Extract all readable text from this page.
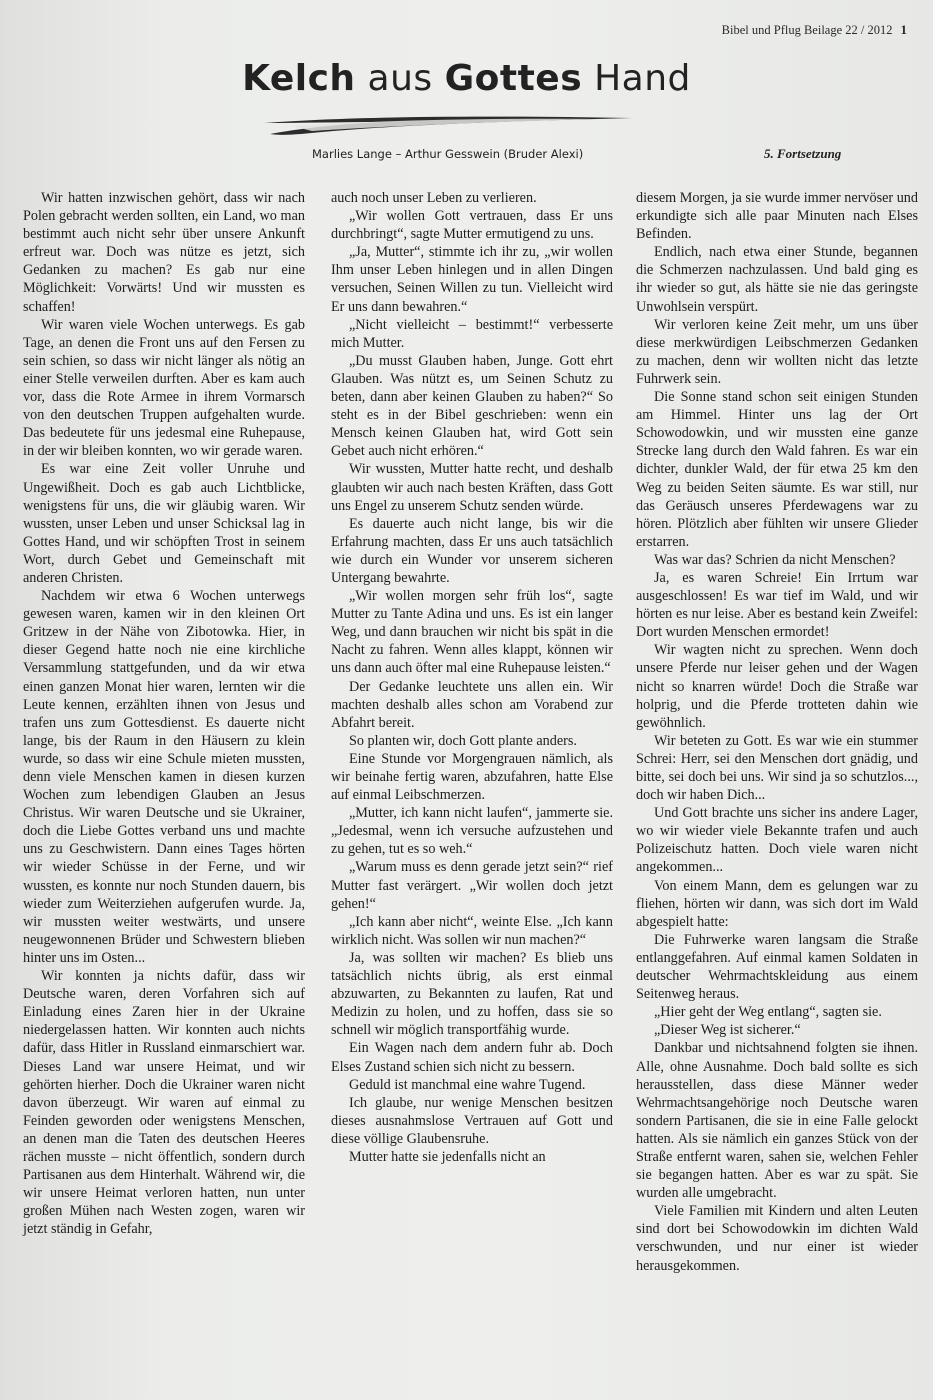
Bibel und Pflug Beilage 22 / 2012 1
Kelch aus Gottes Hand
Marlies Lange – Arthur Gesswein (Bruder Alexi)	5. Fortsetzung

Wir hatten inzwischen gehört, dass wir nach Polen gebracht werden sollten, ein Land, wo man bestimmt auch nicht sehr über unsere Ankunft erfreut war. Doch was nütze es jetzt, sich Gedanken zu machen? Es gab nur eine Möglichkeit: Vorwärts! Und wir mussten es schaffen!

Wir waren viele Wochen unterwegs. Es gab Tage, an denen die Front uns auf den Fersen zu sein schien, so dass wir nicht länger als nötig an einer Stelle verweilen durften. Aber es kam auch vor, dass die Rote Armee in ihrem Vormarsch von den deutschen Truppen aufgehalten wurde. Das bedeutete für uns jedesmal eine Ruhepause, in der wir bleiben konnten, wo wir gerade waren.

Es war eine Zeit voller Unruhe und Ungewißheit. Doch es gab auch Lichtblicke, wenigstens für uns, die wir gläubig waren. Wir wussten, unser Leben und unser Schicksal lag in Gottes Hand, und wir schöpften Trost in seinem Wort, durch Gebet und Gemeinschaft mit anderen Christen.

Nachdem wir etwa 6 Wochen unterwegs gewesen waren, kamen wir in den kleinen Ort Gritzew in der Nähe von Zibotowka. Hier, in dieser Gegend hatte noch nie eine kirchliche Versammlung stattgefunden, und da wir etwa einen ganzen Monat hier waren, lernten wir die Leute kennen, erzählten ihnen von Jesus und trafen uns zum Gottesdienst. Es dauerte nicht lange, bis der Raum in den Häusern zu klein wurde, so dass wir eine Schule mieten mussten, denn viele Menschen kamen in diesen kurzen Wochen zum lebendigen Glauben an Jesus Christus. Wir waren Deutsche und sie Ukrainer, doch die Liebe Gottes verband uns und machte uns zu Geschwistern. Dann eines Tages hörten wir wieder Schüsse in der Ferne, und wir wussten, es konnte nur noch Stunden dauern, bis wieder zum Weiterziehen aufgerufen wurde. Ja, wir mussten weiter westwärts, und unsere neugewonnenen Brüder und Schwestern blieben hinter uns im Osten...

Wir konnten ja nichts dafür, dass wir Deutsche waren, deren Vorfahren sich auf Einladung eines Zaren hier in der Ukraine niedergelassen hatten. Wir konnten auch nichts dafür, dass Hitler in Russland einmarschiert war. Dieses Land war unsere Heimat, und wir gehörten hierher. Doch die Ukrainer waren nicht davon überzeugt. Wir waren auf einmal zu Feinden geworden oder wenigstens Menschen, an denen man die Taten des deutschen Heeres rächen musste – nicht öffentlich, sondern durch Partisanen aus dem Hinterhalt. Während wir, die wir unsere Heimat verloren hatten, nun unter großen Mühen nach Westen zogen, waren wir jetzt ständig in Gefahr,

auch noch unser Leben zu verlieren.

„Wir wollen Gott vertrauen, dass Er uns durchbringt“, sagte Mutter ermutigend zu uns.

„Ja, Mutter“, stimmte ich ihr zu, „wir wollen Ihm unser Leben hinlegen und in allen Dingen versuchen, Seinen Willen zu tun. Vielleicht wird Er uns dann bewahren.“

„Nicht vielleicht – bestimmt!“ verbesserte mich Mutter.

„Du musst Glauben haben, Junge. Gott ehrt Glauben. Was nützt es, um Seinen Schutz zu beten, dann aber keinen Glauben zu haben?“ So steht es in der Bibel geschrieben: wenn ein Mensch keinen Glauben hat, wird Gott sein Gebet auch nicht erhören.“

Wir wussten, Mutter hatte recht, und deshalb glaubten wir auch nach besten Kräften, dass Gott uns Engel zu unserem Schutz senden würde.

Es dauerte auch nicht lange, bis wir die Erfahrung machten, dass Er uns auch tatsächlich wie durch ein Wunder vor unserem sicheren Untergang bewahrte.

„Wir wollen morgen sehr früh los“, sagte Mutter zu Tante Adina und uns. Es ist ein langer Weg, und dann brauchen wir nicht bis spät in die Nacht zu fahren. Wenn alles klappt, können wir uns dann auch öfter mal eine Ruhepause leisten.“

Der Gedanke leuchtete uns allen ein. Wir machten deshalb alles schon am Vorabend zur Abfahrt bereit.

So planten wir, doch Gott plante anders.

Eine Stunde vor Morgengrauen nämlich, als wir beinahe fertig waren, abzufahren, hatte Else auf einmal Leibschmerzen.

„Mutter, ich kann nicht laufen“, jammerte sie. „Jedesmal, wenn ich versuche aufzustehen und zu gehen, tut es so weh.“

„Warum muss es denn gerade jetzt sein?“ rief Mutter fast verärgert. „Wir wollen doch jetzt gehen!“

„Ich kann aber nicht“, weinte Else. „Ich kann wirklich nicht. Was sollen wir nun machen?“

Ja, was sollten wir machen? Es blieb uns tatsächlich nichts übrig, als erst einmal abzuwarten, zu Bekannten zu laufen, Rat und Medizin zu holen, und zu hoffen, dass sie so schnell wir möglich transportfähig wurde.

Ein Wagen nach dem andern fuhr ab. Doch Elses Zustand schien sich nicht zu bessern.

Geduld ist manchmal eine wahre Tugend.

Ich glaube, nur wenige Menschen besitzen dieses ausnahmslose Vertrauen auf Gott und diese völlige Glaubensruhe.

Mutter hatte sie jedenfalls nicht an

diesem Morgen, ja sie wurde immer nervöser und erkundigte sich alle paar Minuten nach Elses Befinden.

Endlich, nach etwa einer Stunde, begannen die Schmerzen nachzulassen. Und bald ging es ihr wieder so gut, als hätte sie nie das geringste Unwohlsein verspürt.

Wir verloren keine Zeit mehr, um uns über diese merkwürdigen Leibschmerzen Gedanken zu machen, denn wir wollten nicht das letzte Fuhrwerk sein.

Die Sonne stand schon seit einigen Stunden am Himmel. Hinter uns lag der Ort Schowodowkin, und wir mussten eine ganze Strecke lang durch den Wald fahren. Es war ein dichter, dunkler Wald, der für etwa 25 km den Weg zu beiden Seiten säumte. Es war still, nur das Geräusch unseres Pferdewagens war zu hören. Plötzlich aber fühlten wir unsere Glieder erstarren.

Was war das? Schrien da nicht Menschen?

Ja, es waren Schreie! Ein Irrtum war ausgeschlossen! Es war tief im Wald, und wir hörten es nur leise. Aber es bestand kein Zweifel: Dort wurden Menschen ermordet!

Wir wagten nicht zu sprechen. Wenn doch unsere Pferde nur leiser gehen und der Wagen nicht so knarren würde! Doch die Straße war holprig, und die Pferde trotteten dahin wie gewöhnlich.

Wir beteten zu Gott. Es war wie ein stummer Schrei: Herr, sei den Menschen dort gnädig, und bitte, sei doch bei uns. Wir sind ja so schutzlos..., doch wir haben Dich...

Und Gott brachte uns sicher ins andere Lager, wo wir wieder viele Bekannte trafen und auch Polizeischutz hatten. Doch viele waren nicht angekommen...

Von einem Mann, dem es gelungen war zu fliehen, hörten wir dann, was sich dort im Wald abgespielt hatte:

Die Fuhrwerke waren langsam die Straße entlanggefahren. Auf einmal kamen Soldaten in deutscher Wehrmachtskleidung aus einem Seitenweg heraus.

„Hier geht der Weg entlang“, sagten sie.

„Dieser Weg ist sicherer.“

Dankbar und nichtsahnend folgten sie ihnen. Alle, ohne Ausnahme. Doch bald sollte es sich herausstellen, dass diese Männer weder Wehrmachtsangehörige noch Deutsche waren sondern Partisanen, die sie in eine Falle gelockt hatten. Als sie nämlich ein ganzes Stück von der Straße entfernt waren, sahen sie, welchen Fehler sie begangen hatten. Aber es war zu spät. Sie wurden alle umgebracht.

Viele Familien mit Kindern und alten Leuten sind dort bei Schowodowkin im dichten Wald verschwunden, und nur einer ist wieder herausgekommen.
